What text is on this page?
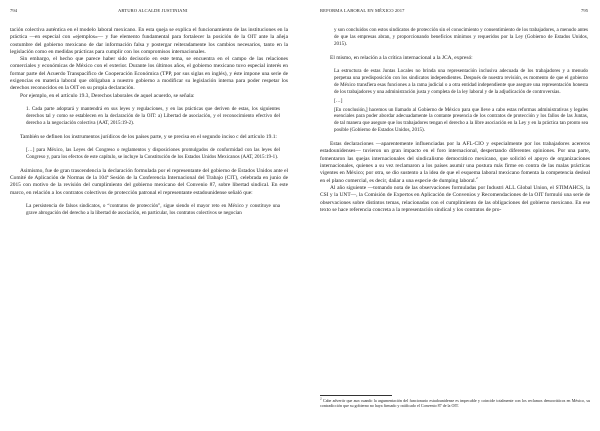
794	ARTURO ALCALDE JUSTINIANI

tación colectiva auténtica en el modelo laboral mexicano. En esta queja se explica el funcionamiento de las instituciones en la práctica —en especial con «ejemplos»— y fue elemento fundamental para fortalecer la posición de la OIT ante la añeja costumbre del gobierno mexicano de dar información falsa y postergar reiteradamente los cambios necesarios, tanto en la legislación como en medidas prácticas para cumplir con los compromisos internacionales.

Sin embargo, el hecho que parece haber sido decisorio en este tema, se encuentra en el campo de las relaciones comerciales y económicas de México con el exterior. Durante los últimos años, el gobierno mexicano tuvo especial interés en formar parte del Acuerdo Transpacífico de Cooperación Económica (TPP, por sus siglas en inglés), y éste impone una serie de exigencias en materia laboral que obligaban a nuestro gobierno a modificar su legislación interna para poder respetar los derechos reconocidos en la OIT en su propia declaración.

Por ejemplo, en el artículo 19.3, Derechos laborales de aquel acuerdo, se señala:

1. Cada parte adoptará y mantendrá en sus leyes y regulaciones, y en las prácticas que deriven de estas, los siguientes derechos tal y como se establecen en la declaración de la OIT: a) Libertad de asociación, y el reconocimiento efectivo del derecho a la negociación colectiva (AAT, 2015:19-2).

También se definen los instrumentos jurídicos de los países parte, y se precisa en el segundo inciso c del artículo 19.1:

[…] para México, las Leyes del Congreso o reglamentos y disposiciones promulgados de conformidad con las leyes del Congreso y, para los efectos de este capítulo, se incluye la Constitución de los Estados Unidos Mexicanos (AAT, 2015:19-1).

Asimismo, fue de gran trascendencia la declaración formulada por el representante del gobierno de Estados Unidos ante el Comité de Aplicación de Normas de la 104ª Sesión de la Conferencia Internacional del Trabajo (CIT), celebrada en junio de 2015 con motivo de la revisión del cumplimiento del gobierno mexicano del Convenio 87, sobre libertad sindical. En este marco, en relación a los contratos colectivos de protección patronal el representante estadounidense señaló que:

La persistencia de falsos sindicatos, o “contratos de protección”, sigue siendo el mayor reto en México y constituye una grave abrogación del derecho a la libertad de asociación, en particular, los contratos colectivos se negocian

REFORMA LABORAL EN MÉXICO 2017	795

y son concluidos con estos sindicatos de protección sin el conocimiento y consentimiento de los trabajadores, a menudo antes de que las empresas abran, y proporcionando beneficios mínimos y requeridos por la Ley (Gobierno de Estados Unidos, 2015).

El mismo, en relación a la crítica internacional a la JCA, expresó:

La estructura de estas Juntas Locales no brinda una representación inclusiva adecuada de los trabajadores y a menudo perpetua una predisposición con los sindicatos independientes. Después de nuestra revisión, es momento de que el gobierno de México transfiera esas funciones a la rama judicial o a otra entidad independiente que asegure una representación honesta de los trabajadores y una administración justa y completa de la ley laboral y de la adjudicación de controversias.

[…]

[En conclusión,] hacemos un llamado al Gobierno de México para que lleve a cabo estas reformas administrativas y legales esenciales para poder abordar adecuadamente la contante presencia de los contratos de protección y los fallos de las Juntas, de tal manera que asegure que los trabajadores tengan el derecho a la libre asociación en la Ley y en la práctica tan pronto sea posible (Gobierno de Estados Unidos, 2015).

Estas declaraciones —aparentemente influenciadas por la AFL-CIO y especialmente por los trabajadores acereros estadounidenses— tuvieron un gran impacto en el foro internacional, despertando diferentes opiniones. Por una parte, fomentaron las quejas internacionales del sindicalismo democrático mexicano, que solicitó el apoyo de organizaciones internacionales, quienes a su vez reclamaron a los países asumir una postura más firme en contra de las malas prácticas vigentes en México; por otra, se dio sustento a la idea de que el esquema laboral mexicano fomenta la competencia desleal en el plano comercial, es decir, dañar a una especie de dumping laboral.$^2$

Al año siguiente —tomando nota de las observaciones formuladas por Industri ALL Global Union, el STIMAHCS, la CSI y la UNT—, la Comisión de Expertos en Aplicación de Convenios y Recomendaciones de la OIT formuló una serie de observaciones sobre distintos temas, relacionadas con el cumplimiento de las obligaciones del gobierno mexicano. En ese texto se hace referencia concreta a la representación sindical y los contratos de pro-

$^2$ Cabe advertir que aun cuando la argumentación del funcionario estadounidense es impecable y coincide totalmente con los reclamos democráticos en México, su contradicción que su gobierno no haya firmado y ratificado el Convenio 87 de la OIT.
